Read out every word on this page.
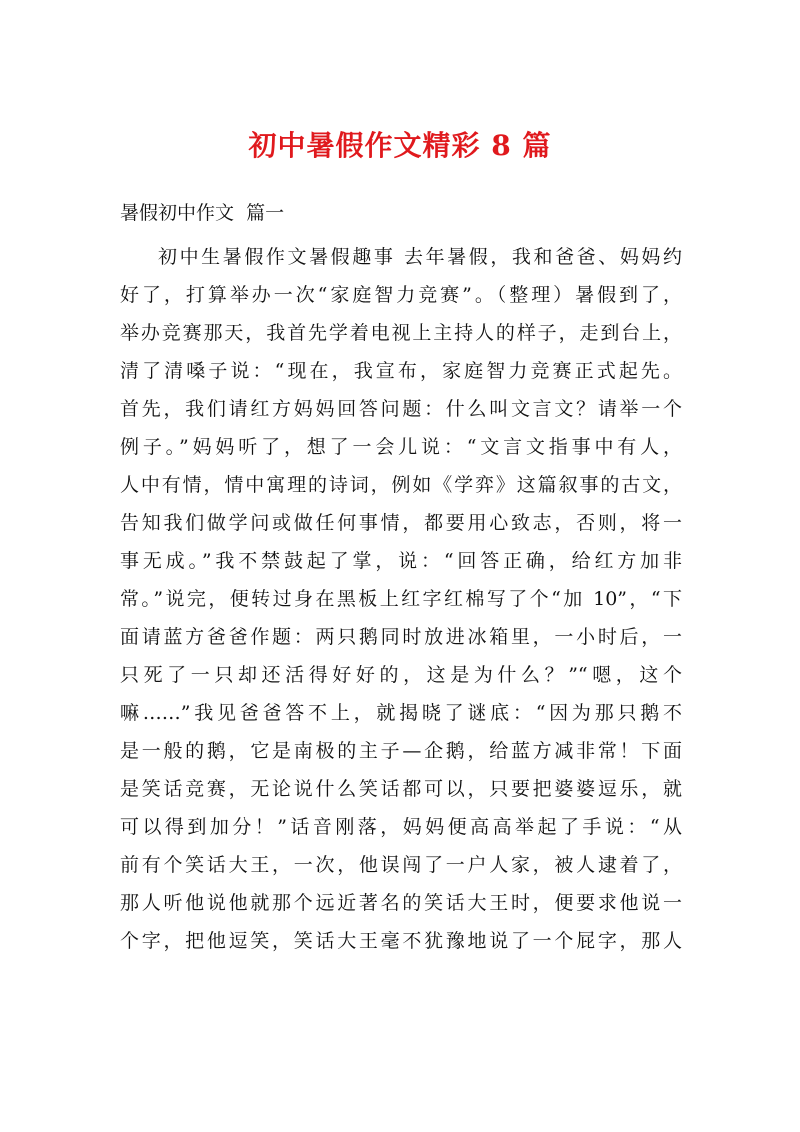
初中暑假作文精彩 8 篇
暑假初中作文  篇一
初中生暑假作文暑假趣事 去年暑假，我和爸爸、妈妈约
好了，打算举办一次“家庭智力竞赛”。（整理）暑假到了，
举办竞赛那天，我首先学着电视上主持人的样子，走到台上，
清了清嗓子说：“现在，我宣布，家庭智力竞赛正式起先。
首先，我们请红方妈妈回答问题：什么叫文言文？请举一个
例子。”妈妈听了，想了一会儿说：“文言文指事中有人，
人中有情，情中寓理的诗词，例如《学弈》这篇叙事的古文，
告知我们做学问或做任何事情，都要用心致志，否则，将一
事无成。”我不禁鼓起了掌，说：“回答正确，给红方加非
常。”说完，便转过身在黑板上红字红棉写了个“加 10”，“下
面请蓝方爸爸作题：两只鹅同时放进冰箱里，一小时后，一
只死了一只却还活得好好的，这是为什么？”“嗯，这个
嘛……”我见爸爸答不上，就揭晓了谜底：“因为那只鹅不
是一般的鹅，它是南极的主子—企鹅，给蓝方减非常！下面
是笑话竞赛，无论说什么笑话都可以，只要把婆婆逗乐，就
可以得到加分！”话音刚落，妈妈便高高举起了手说：“从
前有个笑话大王，一次，他误闯了一户人家，被人逮着了，
那人听他说他就那个远近著名的笑话大王时，便要求他说一
个字，把他逗笑，笑话大王毫不犹豫地说了一个屁字，那人
